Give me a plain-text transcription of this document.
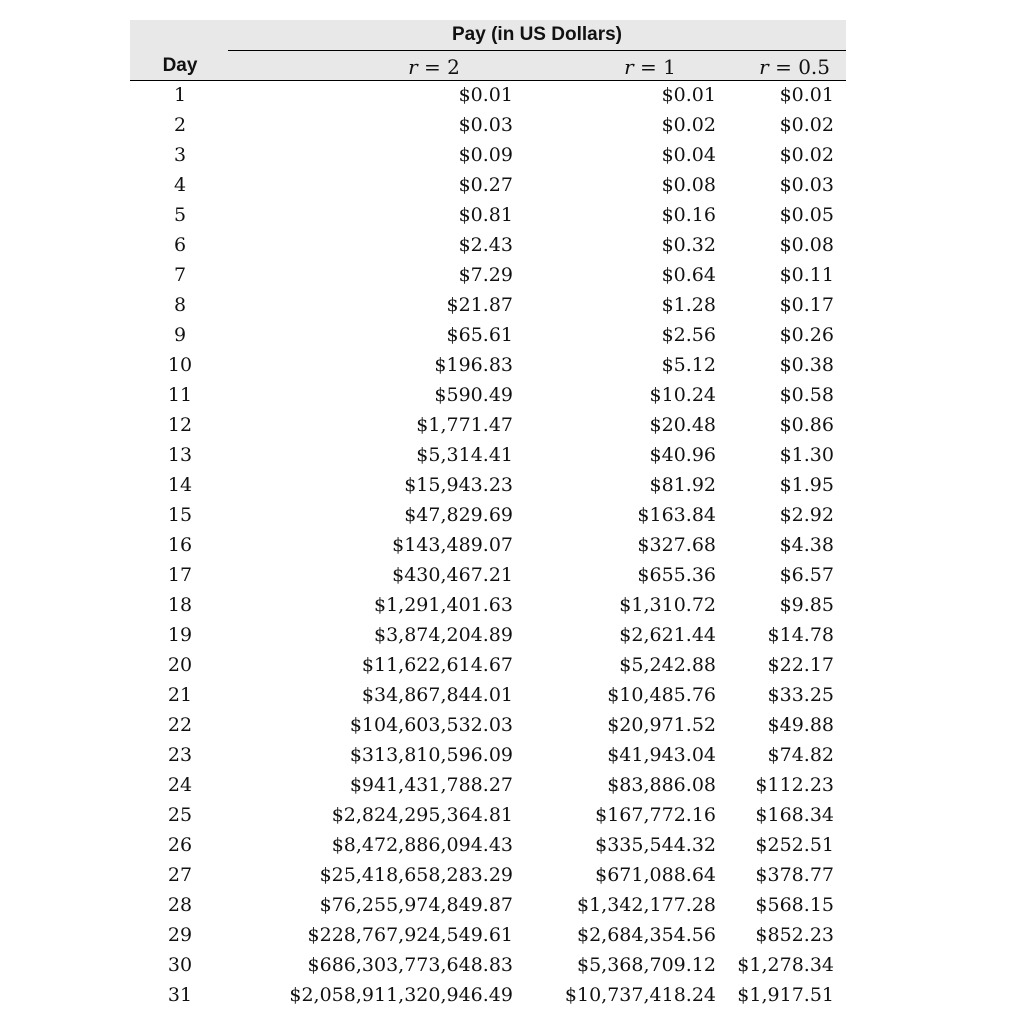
Pay (in US Dollars)
Day	r = 2	r = 1	r = 0.5
1	$0.01	$0.01	$0.01
2	$0.03	$0.02	$0.02
3	$0.09	$0.04	$0.02
4	$0.27	$0.08	$0.03
5	$0.81	$0.16	$0.05
6	$2.43	$0.32	$0.08
7	$7.29	$0.64	$0.11
8	$21.87	$1.28	$0.17
9	$65.61	$2.56	$0.26
10	$196.83	$5.12	$0.38
11	$590.49	$10.24	$0.58
12	$1,771.47	$20.48	$0.86
13	$5,314.41	$40.96	$1.30
14	$15,943.23	$81.92	$1.95
15	$47,829.69	$163.84	$2.92
16	$143,489.07	$327.68	$4.38
17	$430,467.21	$655.36	$6.57
18	$1,291,401.63	$1,310.72	$9.85
19	$3,874,204.89	$2,621.44	$14.78
20	$11,622,614.67	$5,242.88	$22.17
21	$34,867,844.01	$10,485.76	$33.25
22	$104,603,532.03	$20,971.52	$49.88
23	$313,810,596.09	$41,943.04	$74.82
24	$941,431,788.27	$83,886.08	$112.23
25	$2,824,295,364.81	$167,772.16	$168.34
26	$8,472,886,094.43	$335,544.32	$252.51
27	$25,418,658,283.29	$671,088.64	$378.77
28	$76,255,974,849.87	$1,342,177.28	$568.15
29	$228,767,924,549.61	$2,684,354.56	$852.23
30	$686,303,773,648.83	$5,368,709.12	$1,278.34
31	$2,058,911,320,946.49	$10,737,418.24	$1,917.51
